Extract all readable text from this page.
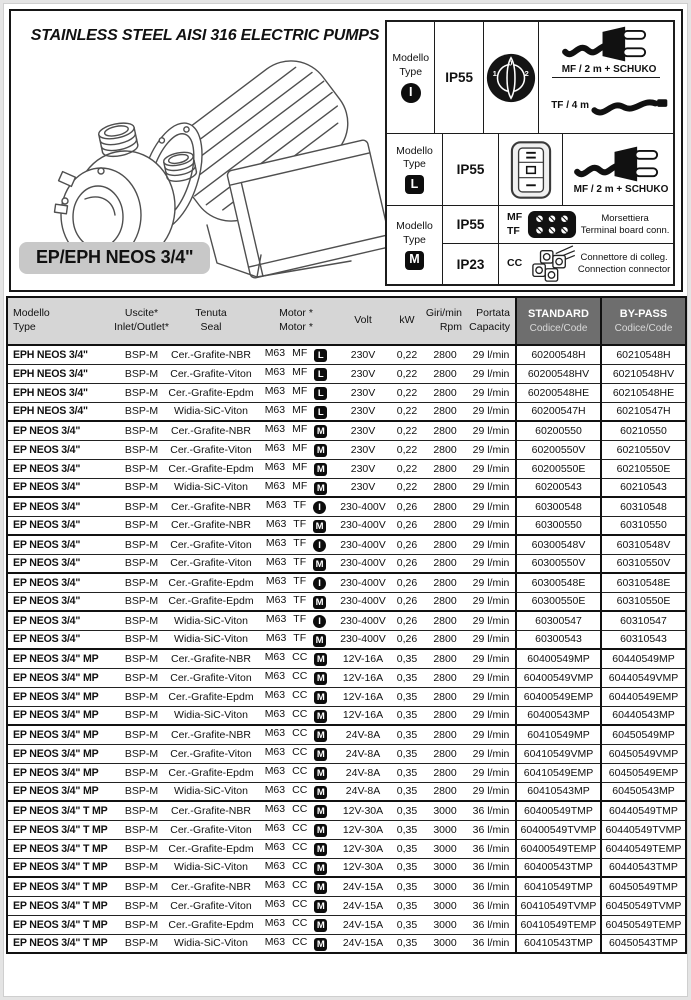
STAINLESS STEEL AISI 316 ELECTRIC PUMPS
EP/EPH NEOS 3/4"
Modello
Type
I
IP55 1
0
2	MF / 2 m + SCHUKO
TF / 4 m
Modello
Type
L
IP55
MF / 2 m + SCHUKO
Modello
Type
M
IP55
MF
TF
Morsettiera
Terminal board conn.
IP23	CC	Connettore di colleg.
Connection connector
Modello
Type	Uscite*
Inlet/Outlet*	Tenuta
Seal	Motor *
Motor *	Volt	kW	Giri/min
Rpm	Portata
Capacity	STANDARD
Codice/Code	BY-PASS
Codice/Code

EPH NEOS 3/4"	BSP-M	Cer.-Grafite-NBR	M63 MF L	230V	0,22	2800	29 l/min	60200548H	60210548H
EPH NEOS 3/4"	BSP-M	Cer.-Grafite-Viton	M63 MF L	230V	0,22	2800	29 l/min	60200548HV	60210548HV
EPH NEOS 3/4"	BSP-M	Cer.-Grafite-Epdm	M63 MF L	230V	0,22	2800	29 l/min	60200548HE	60210548HE
EPH NEOS 3/4"	BSP-M	Widia-SiC-Viton	M63 MF L	230V	0,22	2800	29 l/min	60200547H	60210547H
EP NEOS 3/4"	BSP-M	Cer.-Grafite-NBR	M63 MF M	230V	0,22	2800	29 l/min	60200550	60210550
EP NEOS 3/4"	BSP-M	Cer.-Grafite-Viton	M63 MF M	230V	0,22	2800	29 l/min	60200550V	60210550V
EP NEOS 3/4"	BSP-M	Cer.-Grafite-Epdm	M63 MF M	230V	0,22	2800	29 l/min	60200550E	60210550E
EP NEOS 3/4"	BSP-M	Widia-SiC-Viton	M63 MF M	230V	0,22	2800	29 l/min	60200543	60210543
EP NEOS 3/4"	BSP-M	Cer.-Grafite-NBR	M63 TF I	230-400V	0,26	2800	29 l/min	60300548	60310548
EP NEOS 3/4"	BSP-M	Cer.-Grafite-NBR	M63 TF M	230-400V	0,26	2800	29 l/min	60300550	60310550
EP NEOS 3/4"	BSP-M	Cer.-Grafite-Viton	M63 TF I	230-400V	0,26	2800	29 l/min	60300548V	60310548V
EP NEOS 3/4"	BSP-M	Cer.-Grafite-Viton	M63 TF M	230-400V	0,26	2800	29 l/min	60300550V	60310550V
EP NEOS 3/4"	BSP-M	Cer.-Grafite-Epdm	M63 TF I	230-400V	0,26	2800	29 l/min	60300548E	60310548E
EP NEOS 3/4"	BSP-M	Cer.-Grafite-Epdm	M63 TF M	230-400V	0,26	2800	29 l/min	60300550E	60310550E
EP NEOS 3/4"	BSP-M	Widia-SiC-Viton	M63 TF I	230-400V	0,26	2800	29 l/min	60300547	60310547
EP NEOS 3/4"	BSP-M	Widia-SiC-Viton	M63 TF M	230-400V	0,26	2800	29 l/min	60300543	60310543
EP NEOS 3/4" MP	BSP-M	Cer.-Grafite-NBR	M63 CC M	12V-16A	0,35	2800	29 l/min	60400549MP	60440549MP
EP NEOS 3/4" MP	BSP-M	Cer.-Grafite-Viton	M63 CC M	12V-16A	0,35	2800	29 l/min	60400549VMP	60440549VMP
EP NEOS 3/4" MP	BSP-M	Cer.-Grafite-Epdm	M63 CC M	12V-16A	0,35	2800	29 l/min	60400549EMP	60440549EMP
EP NEOS 3/4" MP	BSP-M	Widia-SiC-Viton	M63 CC M	12V-16A	0,35	2800	29 l/min	60400543MP	60440543MP
EP NEOS 3/4" MP	BSP-M	Cer.-Grafite-NBR	M63 CC M	24V-8A	0,35	2800	29 l/min	60410549MP	60450549MP
EP NEOS 3/4" MP	BSP-M	Cer.-Grafite-Viton	M63 CC M	24V-8A	0,35	2800	29 l/min	60410549VMP	60450549VMP
EP NEOS 3/4" MP	BSP-M	Cer.-Grafite-Epdm	M63 CC M	24V-8A	0,35	2800	29 l/min	60410549EMP	60450549EMP
EP NEOS 3/4" MP	BSP-M	Widia-SiC-Viton	M63 CC M	24V-8A	0,35	2800	29 l/min	60410543MP	60450543MP
EP NEOS 3/4" T MP	BSP-M	Cer.-Grafite-NBR	M63 CC M	12V-30A	0,35	3000	36 l/min	60400549TMP	60440549TMP
EP NEOS 3/4" T MP	BSP-M	Cer.-Grafite-Viton	M63 CC M	12V-30A	0,35	3000	36 l/min	60400549TVMP	60440549TVMP
EP NEOS 3/4" T MP	BSP-M	Cer.-Grafite-Epdm	M63 CC M	12V-30A	0,35	3000	36 l/min	60400549TEMP	60440549TEMP
EP NEOS 3/4" T MP	BSP-M	Widia-SiC-Viton	M63 CC M	12V-30A	0,35	3000	36 l/min	60400543TMP	60440543TMP
EP NEOS 3/4" T MP	BSP-M	Cer.-Grafite-NBR	M63 CC M	24V-15A	0,35	3000	36 l/min	60410549TMP	60450549TMP
EP NEOS 3/4" T MP	BSP-M	Cer.-Grafite-Viton	M63 CC M	24V-15A	0,35	3000	36 l/min	60410549TVMP	60450549TVMP
EP NEOS 3/4" T MP	BSP-M	Cer.-Grafite-Epdm	M63 CC M	24V-15A	0,35	3000	36 l/min	60410549TEMP	60450549TEMP
EP NEOS 3/4" T MP	BSP-M	Widia-SiC-Viton	M63 CC M	24V-15A	0,35	3000	36 l/min	60410543TMP	60450543TMP
